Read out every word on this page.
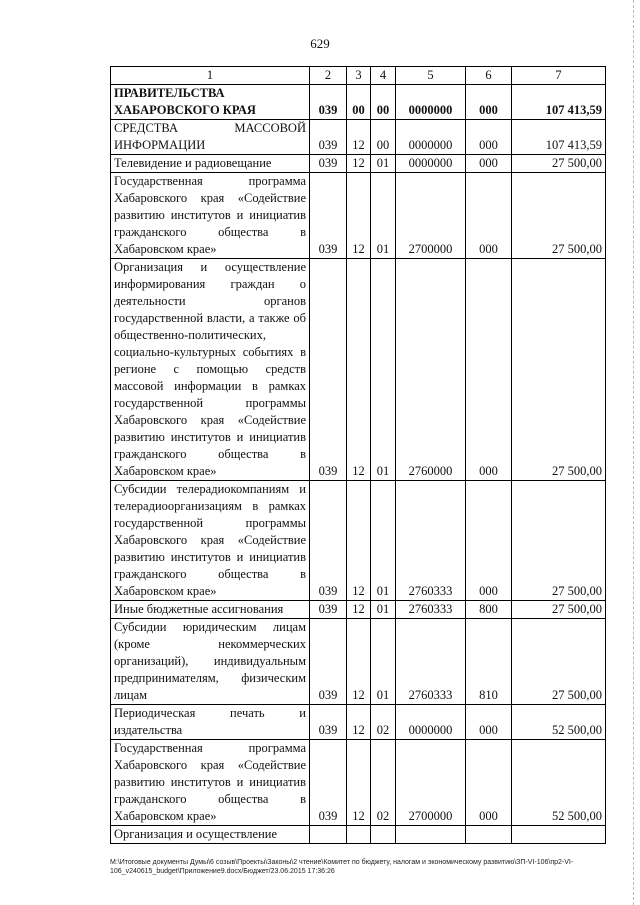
629
1	2	3	4	5	6	7
ПРАВИТЕЛЬСТВА ХАБАРОВСКОГО КРАЯ	039	00	00	0000000	000	107 413,59
СРЕДСТВА МАССОВОЙ ИНФОРМАЦИИ	039	12	00	0000000	000	107 413,59
Телевидение и радиовещание	039	12	01	0000000	000	27 500,00
Государственная программа Хабаровского края «Содействие развитию институтов и инициатив гражданского общества в Хабаровском крае»	039	12	01	2700000	000	27 500,00
Организация и осуществление информирования граждан о деятельности органов государственной власти, а также об общественно-политических, социально-культурных событиях в регионе с помощью средств массовой информации в рамках государственной программы Хабаровского края «Содействие развитию институтов и инициатив гражданского общества в Хабаровском крае»	039	12	01	2760000	000	27 500,00
Субсидии телерадиокомпаниям и телерадиоорганизациям в рамках государственной программы Хабаровского края «Содействие развитию институтов и инициатив гражданского общества в Хабаровском крае»	039	12	01	2760333	000	27 500,00
Иные бюджетные ассигнования	039	12	01	2760333	800	27 500,00
Субсидии юридическим лицам (кроме некоммерческих организаций), индивидуальным предпринимателям, физическим лицам	039	12	01	2760333	810	27 500,00
Периодическая печать и издательства	039	12	02	0000000	000	52 500,00
Государственная программа Хабаровского края «Содействие развитию институтов и инициатив гражданского общества в Хабаровском крае»	039	12	02	2700000	000	52 500,00
Организация и осуществление						
M:\Итоговые документы Думы\6 созыв\Проекты\Законы\2 чтение\Комитет по бюджету, налогам и экономическому развитию\ЗП-VI-106\пр2-VI-106_v240615_budget\Приложение9.docx/Бюджет/23.06.2015 17:36:26
